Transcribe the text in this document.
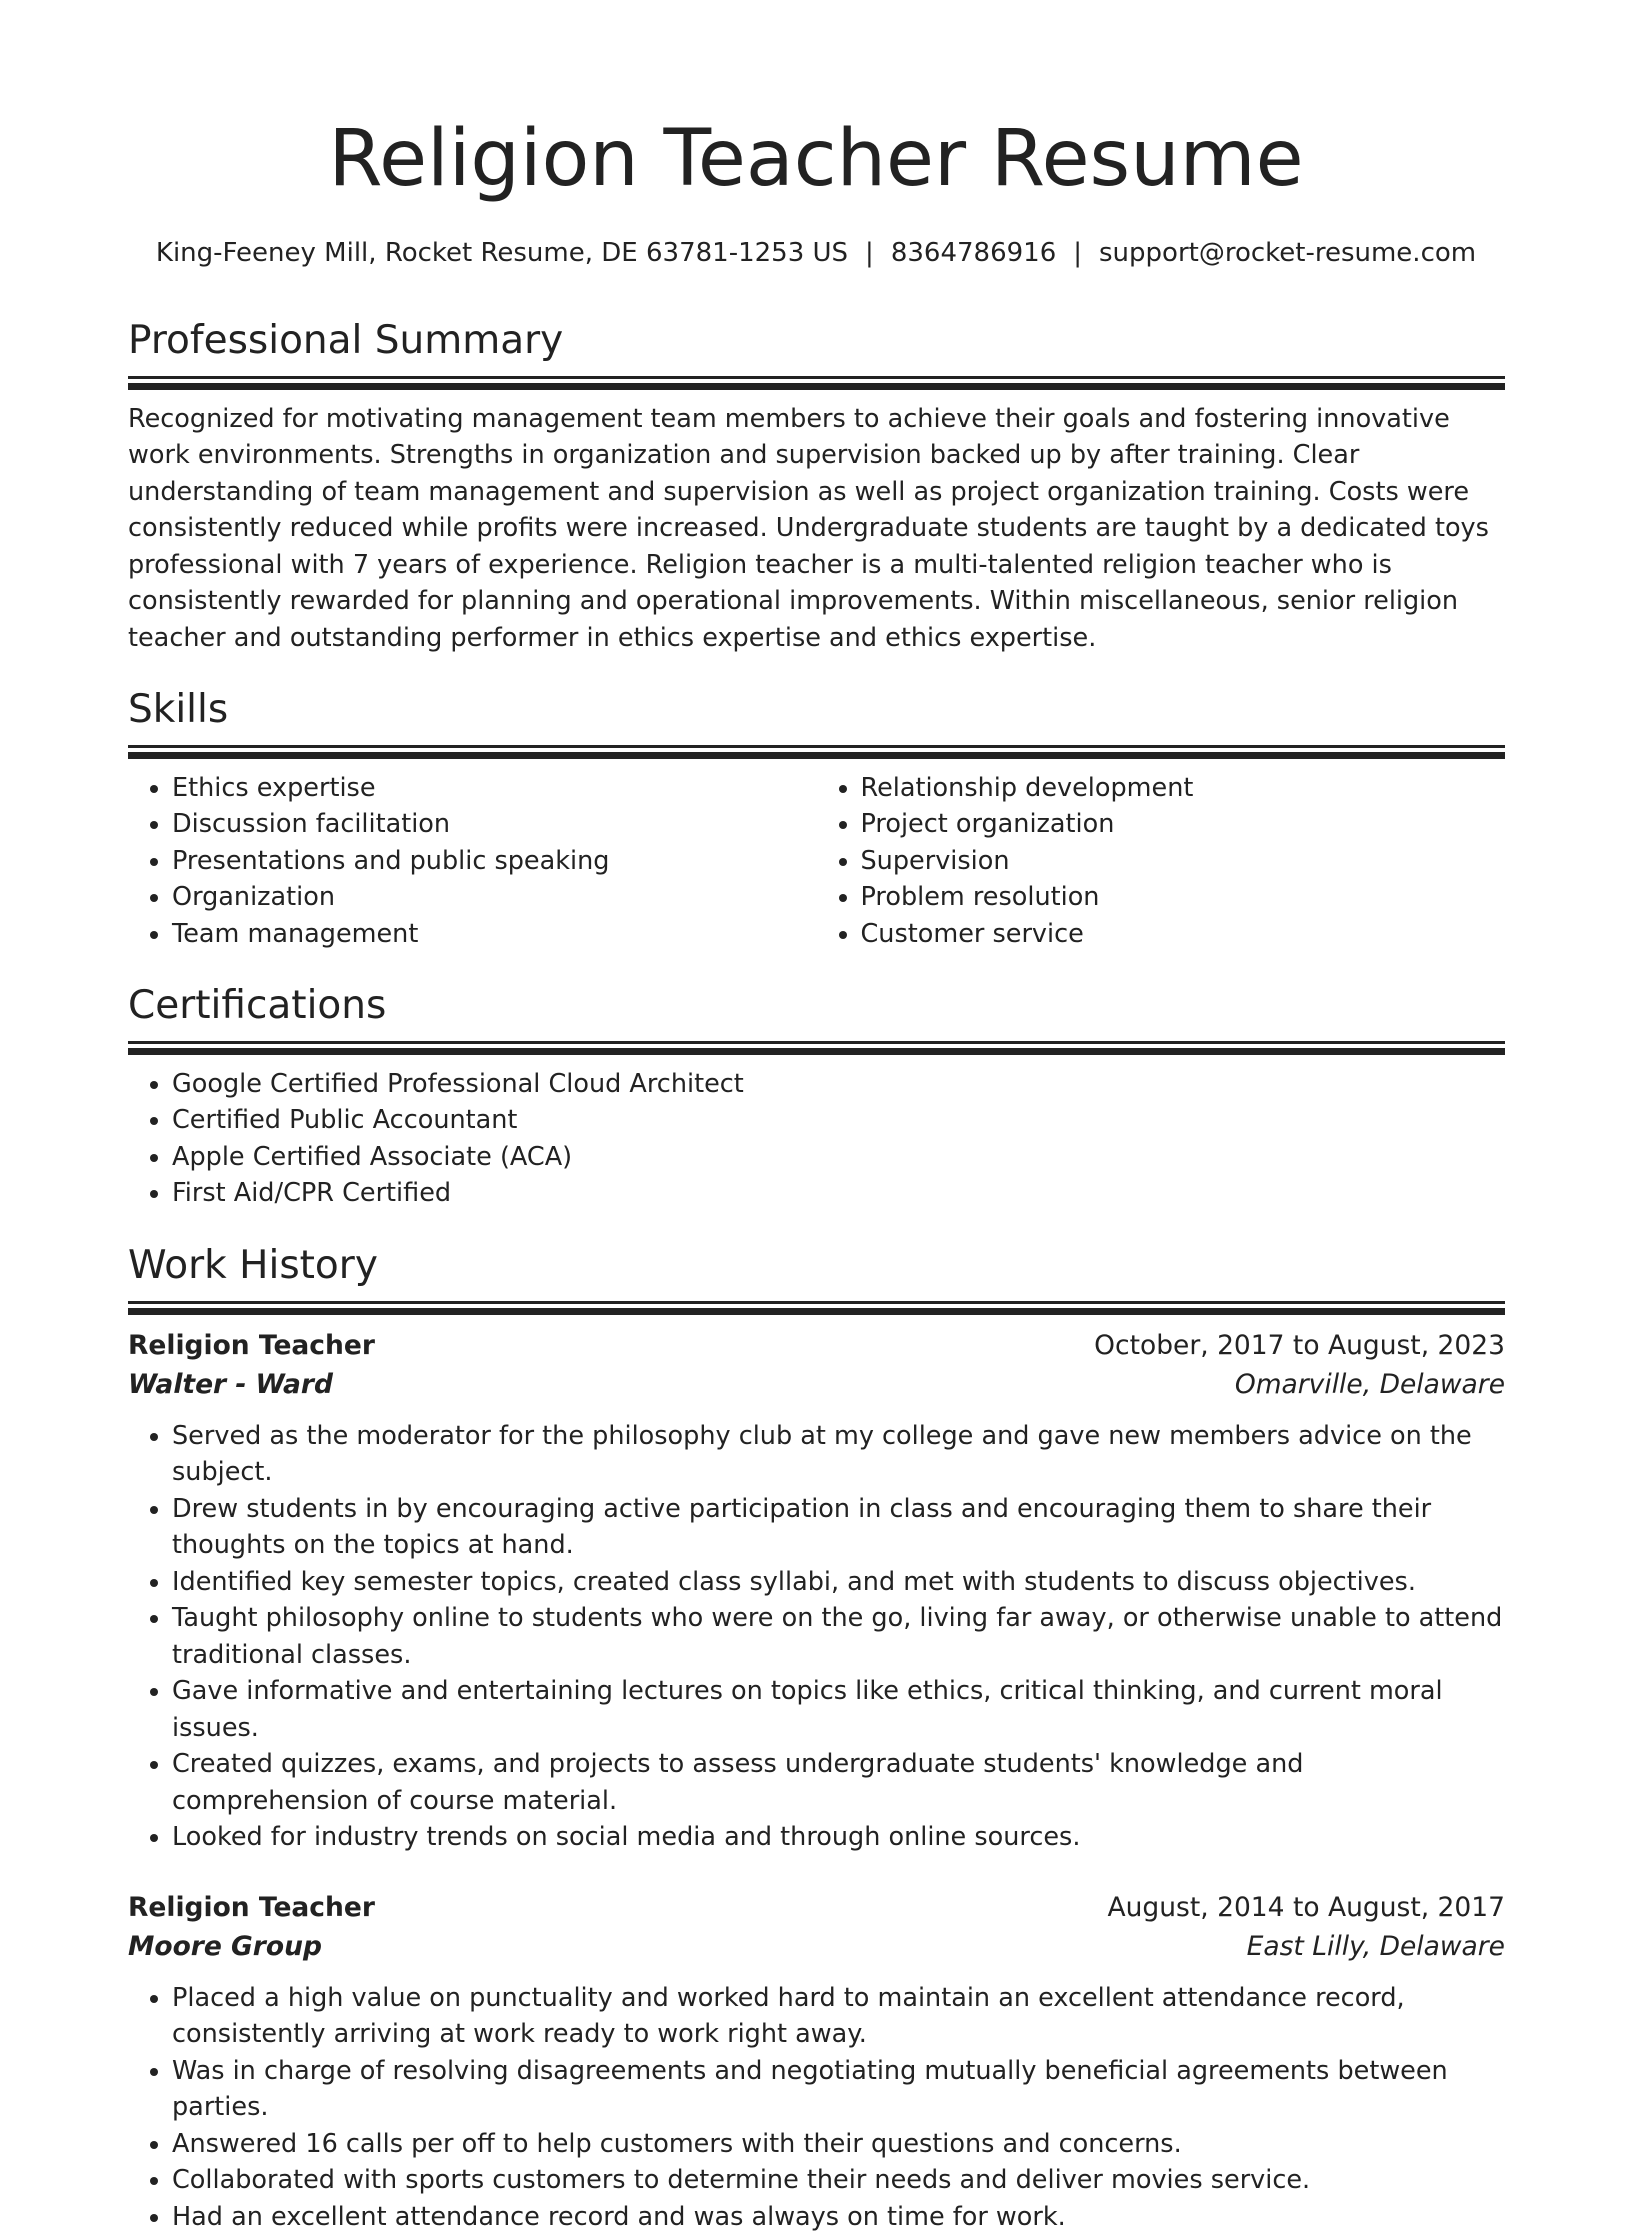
Religion Teacher Resume
King-Feeney Mill, Rocket Resume, DE 63781-1253 US | 8364786916 | support@rocket-resume.com
Professional Summary

Recognized for motivating management team members to achieve their goals and fostering innovative work environments. Strengths in organization and supervision backed up by after training. Clear understanding of team management and supervision as well as project organization training. Costs were consistently reduced while profits were increased. Undergraduate students are taught by a dedicated toys professional with 7 years of experience. Religion teacher is a multi-talented religion teacher who is consistently rewarded for planning and operational improvements. Within miscellaneous, senior religion teacher and outstanding performer in ethics expertise and ethics expertise.

Skills
• Ethics expertise
• Discussion facilitation
• Presentations and public speaking
• Organization
• Team management
• Relationship development
• Project organization
• Supervision
• Problem resolution
• Customer service
Certifications
• Google Certified Professional Cloud Architect
• Certified Public Accountant
• Apple Certified Associate (ACA)
• First Aid/CPR Certified
Work History
Religion Teacher	October, 2017 to August, 2023
Walter - Ward	Omarville, Delaware
• Served as the moderator for the philosophy club at my college and gave new members advice on the subject.
• Drew students in by encouraging active participation in class and encouraging them to share their thoughts on the topics at hand.
• Identified key semester topics, created class syllabi, and met with students to discuss objectives.
• Taught philosophy online to students who were on the go, living far away, or otherwise unable to attend traditional classes.
• Gave informative and entertaining lectures on topics like ethics, critical thinking, and current moral issues.
• Created quizzes, exams, and projects to assess undergraduate students' knowledge and comprehension of course material.
• Looked for industry trends on social media and through online sources.
Religion Teacher	August, 2014 to August, 2017
Moore Group	East Lilly, Delaware
• Placed a high value on punctuality and worked hard to maintain an excellent attendance record, consistently arriving at work ready to work right away.
• Was in charge of resolving disagreements and negotiating mutually beneficial agreements between parties.
• Answered 16 calls per off to help customers with their questions and concerns.
• Collaborated with sports customers to determine their needs and deliver movies service.
• Had an excellent attendance record and was always on time for work.
